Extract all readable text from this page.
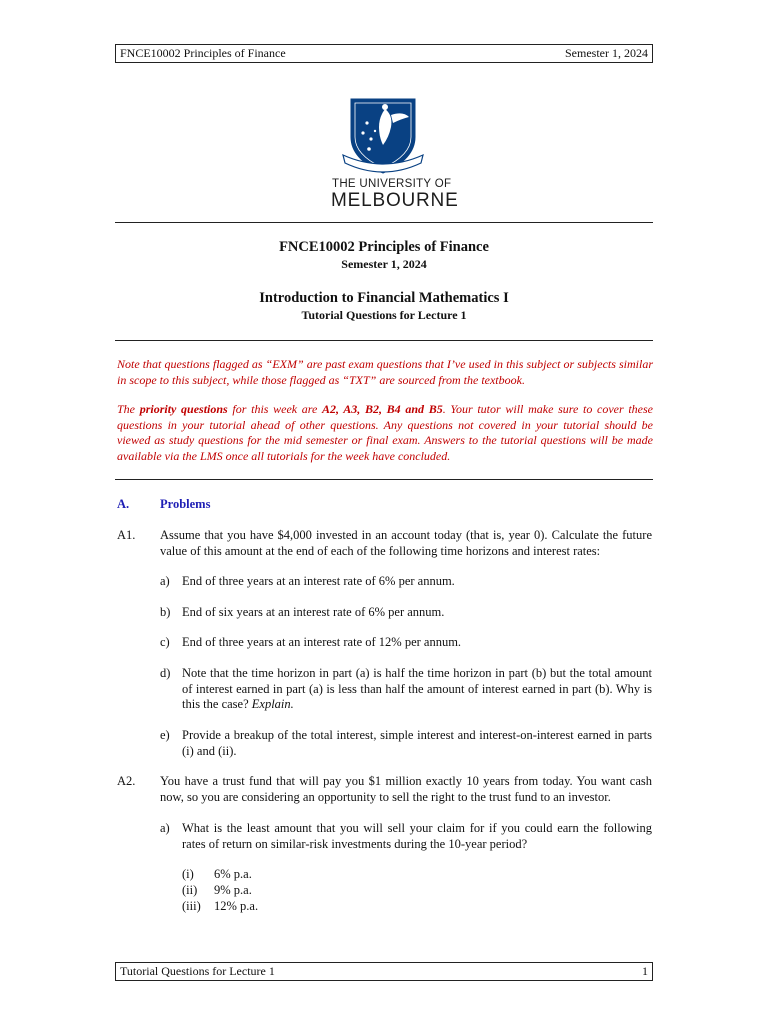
FNCE10002 Principles of Finance	Semester 1, 2024
THE UNIVERSITY OF
MELBOURNE
FNCE10002 Principles of Finance
Semester 1, 2024
Introduction to Financial Mathematics I
Tutorial Questions for Lecture 1
Note that questions flagged as “EXM” are past exam questions that I’ve used in this subject or subjects similar in scope to this subject, while those flagged as “TXT” are sourced from the textbook.
The priority questions for this week are A2, A3, B2, B4 and B5. Your tutor will make sure to cover these questions in your tutorial ahead of other questions. Any questions not covered in your tutorial should be viewed as study questions for the mid semester or final exam. Answers to the tutorial questions will be made available via the LMS once all tutorials for the week have concluded.
A. Problems
A1. Assume that you have $4,000 invested in an account today (that is, year 0). Calculate the future value of this amount at the end of each of the following time horizons and interest rates:
a) End of three years at an interest rate of 6% per annum.
b) End of six years at an interest rate of 6% per annum.
c) End of three years at an interest rate of 12% per annum.
d) Note that the time horizon in part (a) is half the time horizon in part (b) but the total amount of interest earned in part (a) is less than half the amount of interest earned in part (b). Why is this the case? Explain.
e) Provide a breakup of the total interest, simple interest and interest-on-interest earned in parts (i) and (ii).
A2. You have a trust fund that will pay you $1 million exactly 10 years from today. You want cash now, so you are considering an opportunity to sell the right to the trust fund to an investor.
a) What is the least amount that you will sell your claim for if you could earn the following rates of return on similar-risk investments during the 10-year period?
(i) 6% p.a.
(ii) 9% p.a.
(iii) 12% p.a.
Tutorial Questions for Lecture 1	1
